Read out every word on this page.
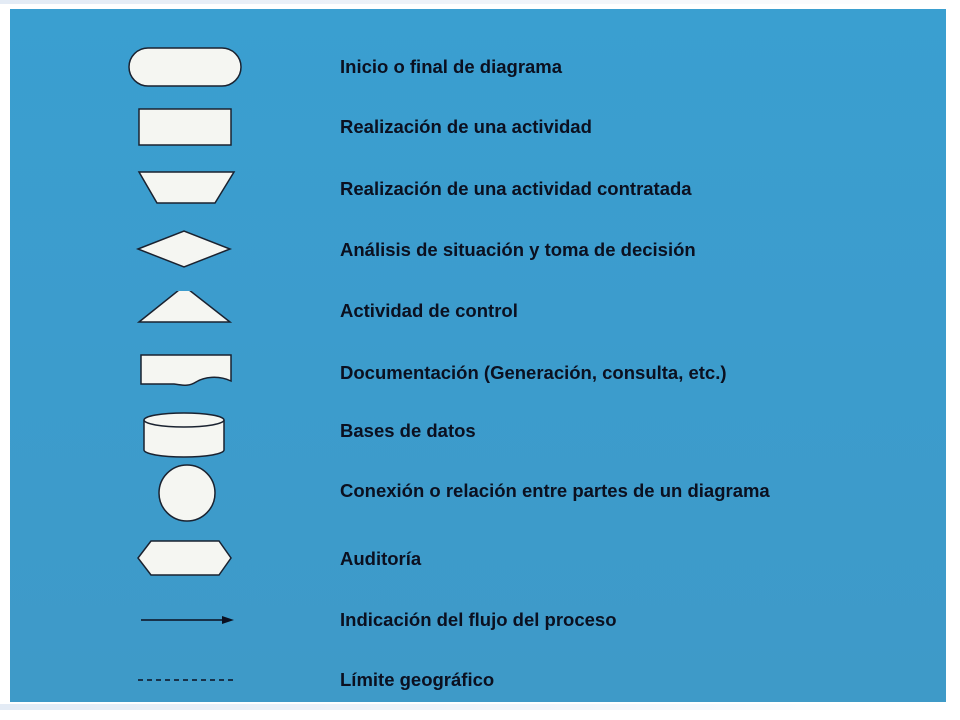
Inicio o final de diagrama
Realización de una actividad
Realización de una actividad contratada
Análisis de situación y toma de decisión
Actividad de control
Documentación (Generación, consulta, etc.)
Bases de datos
Conexión o relación entre partes de un diagrama
Auditoría
Indicación del flujo del proceso
Límite geográfico
